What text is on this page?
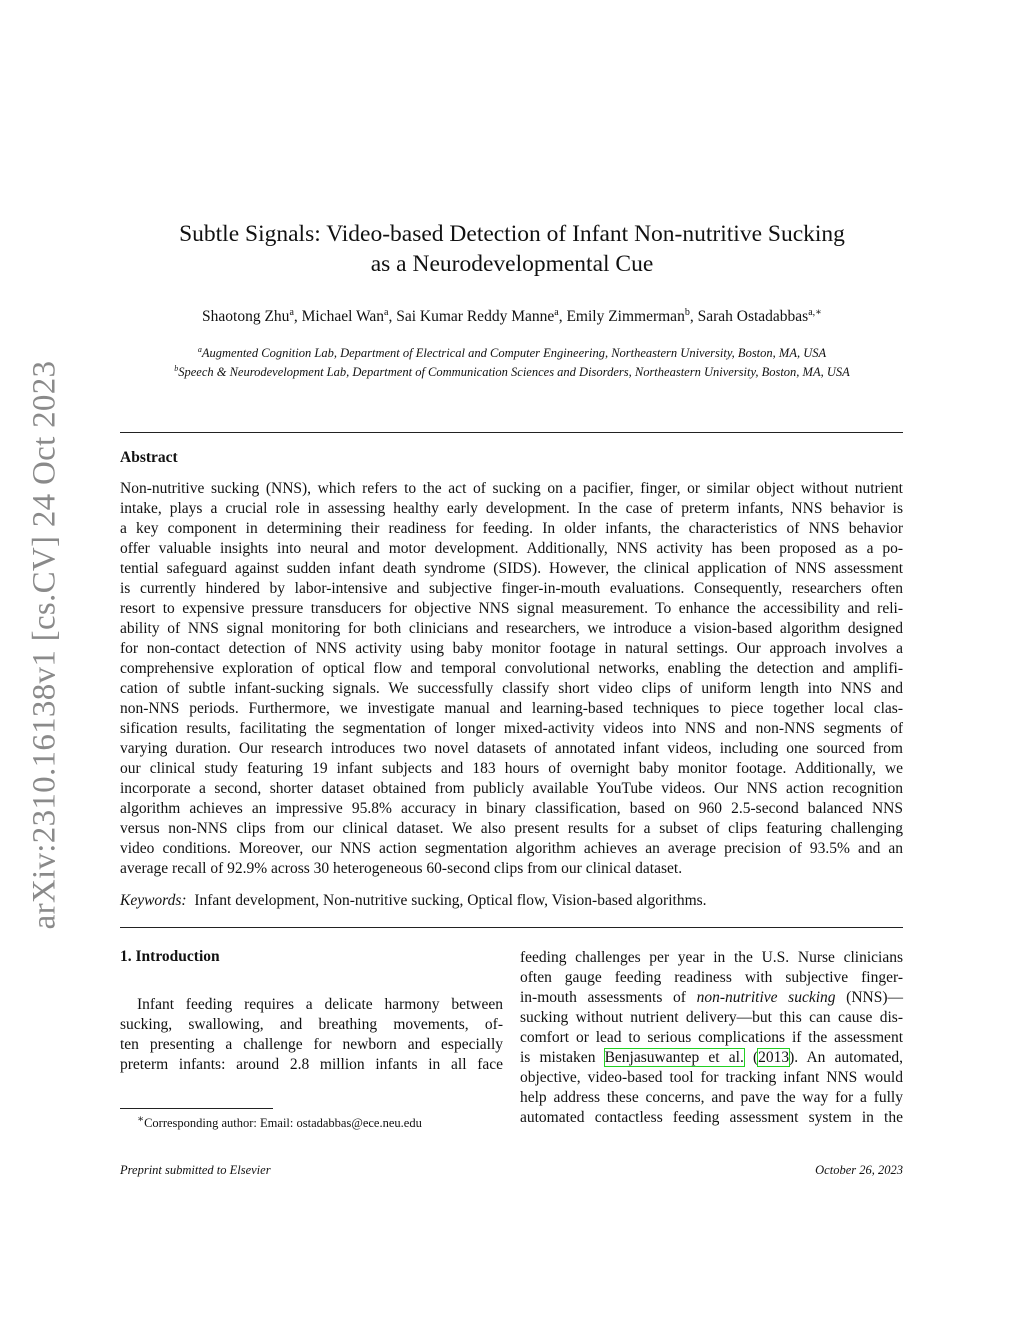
arXiv:2310.16138v1 [cs.CV] 24 Oct 2023
Subtle Signals: Video-based Detection of Infant Non-nutritive Sucking
as a Neurodevelopmental Cue
Shaotong Zhu$^a$, Michael Wan$^a$, Sai Kumar Reddy Manne$^a$, Emily Zimmerman$^b$, Sarah Ostadabbas$^{a,∗}$
$^a$Augmented Cognition Lab, Department of Electrical and Computer Engineering, Northeastern University, Boston, MA, USA
$^b$Speech & Neurodevelopment Lab, Department of Communication Sciences and Disorders, Northeastern University, Boston, MA, USA
Abstract
Non-nutritive sucking (NNS), which refers to the act of sucking on a pacifier, finger, or similar object without nutrient
intake, plays a crucial role in assessing healthy early development. In the case of preterm infants, NNS behavior is
a key component in determining their readiness for feeding. In older infants, the characteristics of NNS behavior
offer valuable insights into neural and motor development. Additionally, NNS activity has been proposed as a po-
tential safeguard against sudden infant death syndrome (SIDS). However, the clinical application of NNS assessment
is currently hindered by labor-intensive and subjective finger-in-mouth evaluations. Consequently, researchers often
resort to expensive pressure transducers for objective NNS signal measurement. To enhance the accessibility and reli-
ability of NNS signal monitoring for both clinicians and researchers, we introduce a vision-based algorithm designed
for non-contact detection of NNS activity using baby monitor footage in natural settings. Our approach involves a
comprehensive exploration of optical flow and temporal convolutional networks, enabling the detection and amplifi-
cation of subtle infant-sucking signals. We successfully classify short video clips of uniform length into NNS and
non-NNS periods. Furthermore, we investigate manual and learning-based techniques to piece together local clas-
sification results, facilitating the segmentation of longer mixed-activity videos into NNS and non-NNS segments of
varying duration. Our research introduces two novel datasets of annotated infant videos, including one sourced from
our clinical study featuring 19 infant subjects and 183 hours of overnight baby monitor footage. Additionally, we
incorporate a second, shorter dataset obtained from publicly available YouTube videos. Our NNS action recognition
algorithm achieves an impressive 95.8% accuracy in binary classification, based on 960 2.5-second balanced NNS
versus non-NNS clips from our clinical dataset. We also present results for a subset of clips featuring challenging
video conditions. Moreover, our NNS action segmentation algorithm achieves an average precision of 93.5% and an
average recall of 92.9% across 30 heterogeneous 60-second clips from our clinical dataset.
Keywords: Infant development, Non-nutritive sucking, Optical flow, Vision-based algorithms.
1. Introduction
Infant feeding requires a delicate harmony between
sucking, swallowing, and breathing movements, of-
ten presenting a challenge for newborn and especially
preterm infants: around 2.8 million infants in all face
∗Corresponding author: Email: ostadabbas@ece.neu.edu
feeding challenges per year in the U.S. Nurse clinicians
often gauge feeding readiness with subjective finger-
in-mouth assessments of non-nutritive sucking (NNS)—
sucking without nutrient delivery—but this can cause dis-
comfort or lead to serious complications if the assessment
is mistaken Benjasuwantep et al. (2013). An automated,
objective, video-based tool for tracking infant NNS would
help address these concerns, and pave the way for a fully
automated contactless feeding assessment system in the
Preprint submitted to Elsevier	October 26, 2023
